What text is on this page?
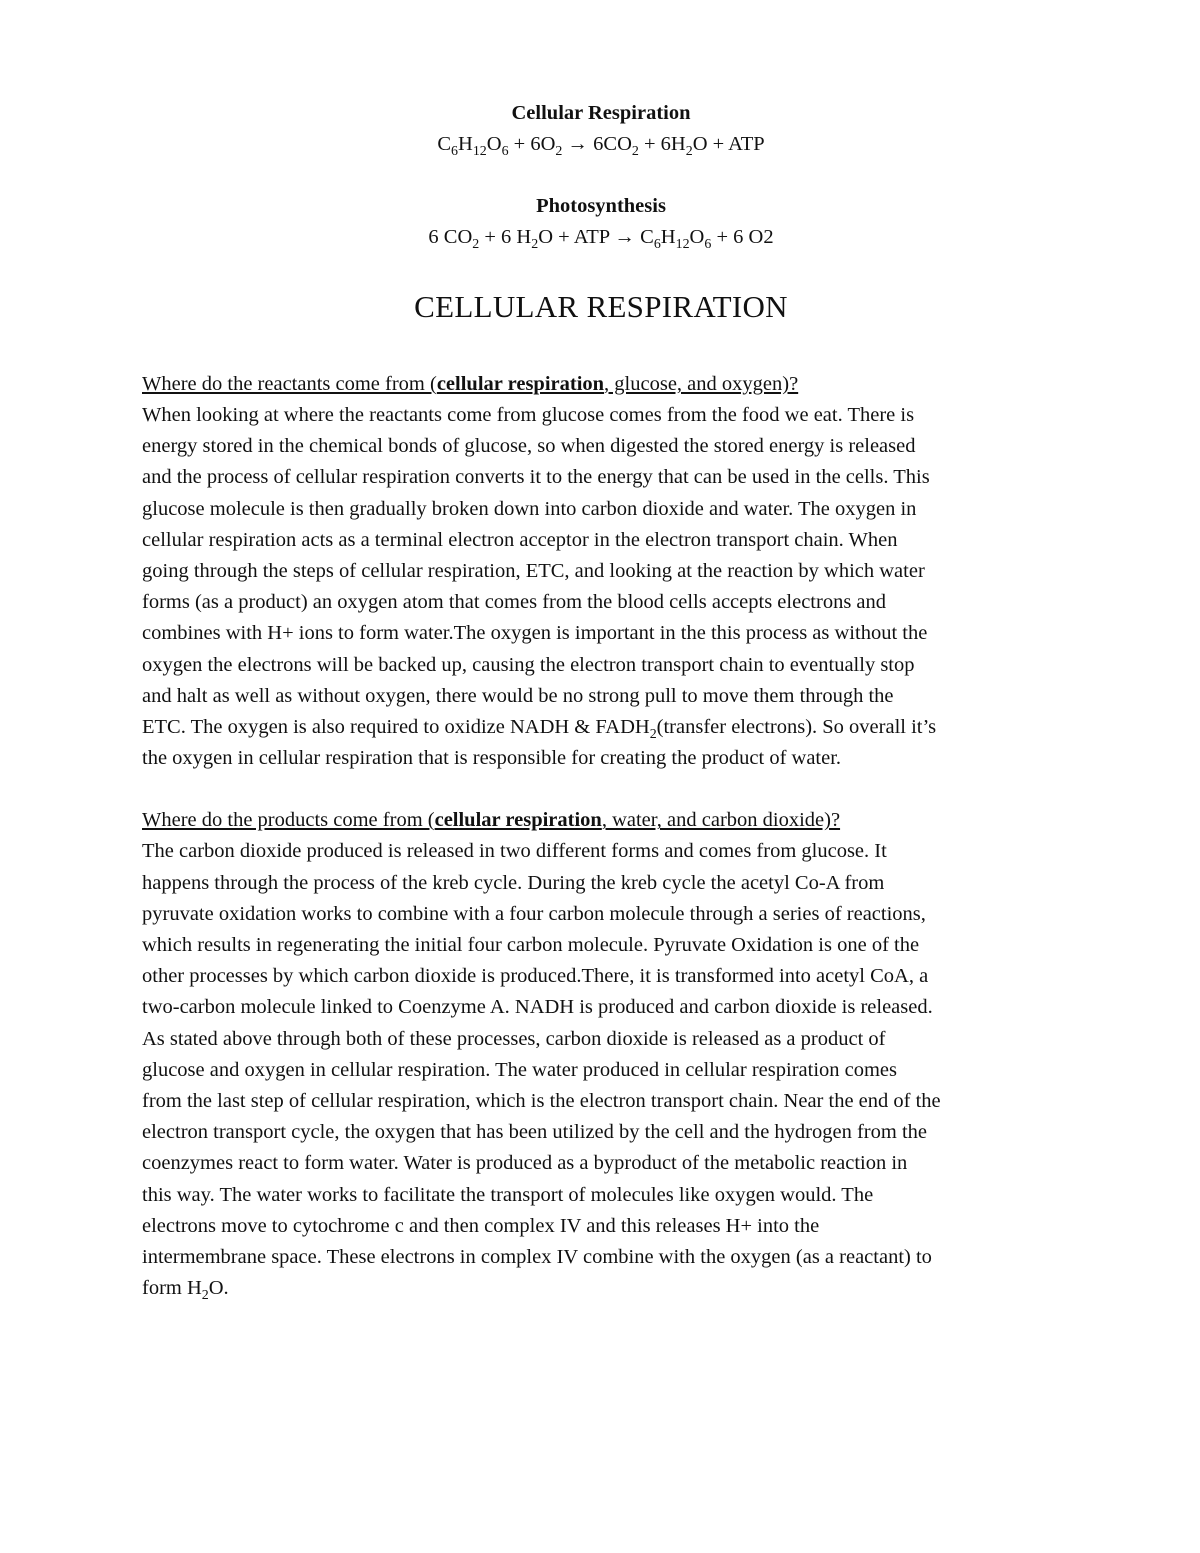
Cellular Respiration

$C_6H_{12}O_6 + 6O_2 \to 6CO_2 + 6H_2O$ + ATP

Photosynthesis

6 $CO_2 + 6$ $H_2O$ + ATP → $C_6H_{12}O_6 + 6$ O2

CELLULAR RESPIRATION

Where do the reactants come from (cellular respiration, glucose, and oxygen)?

When looking at where the reactants come from glucose comes from the food we eat. There is
energy stored in the chemical bonds of glucose, so when digested the stored energy is released
and the process of cellular respiration converts it to the energy that can be used in the cells. This
glucose molecule is then gradually broken down into carbon dioxide and water. The oxygen in
cellular respiration acts as a terminal electron acceptor in the electron transport chain. When
going through the steps of cellular respiration, ETC, and looking at the reaction by which water
forms (as a product) an oxygen atom that comes from the blood cells accepts electrons and
combines with H+ ions to form water.The oxygen is important in the this process as without the
oxygen the electrons will be backed up, causing the electron transport chain to eventually stop
and halt as well as without oxygen, there would be no strong pull to move them through the
ETC. The oxygen is also required to oxidize NADH & $FADH_2(transfer$ electrons). So overall it’s
the oxygen in cellular respiration that is responsible for creating the product of water.

Where do the products come from (cellular respiration, water, and carbon dioxide)?

The carbon dioxide produced is released in two different forms and comes from glucose. It
happens through the process of the kreb cycle. During the kreb cycle the acetyl Co-A from
pyruvate oxidation works to combine with a four carbon molecule through a series of reactions,
which results in regenerating the initial four carbon molecule. Pyruvate Oxidation is one of the
other processes by which carbon dioxide is produced.There, it is transformed into acetyl CoA, a
two-carbon molecule linked to Coenzyme A. NADH is produced and carbon dioxide is released.
As stated above through both of these processes, carbon dioxide is released as a product of
glucose and oxygen in cellular respiration. The water produced in cellular respiration comes
from the last step of cellular respiration, which is the electron transport chain. Near the end of the
electron transport cycle, the oxygen that has been utilized by the cell and the hydrogen from the
coenzymes react to form water. Water is produced as a byproduct of the metabolic reaction in
this way. The water works to facilitate the transport of molecules like oxygen would. The
electrons move to cytochrome c and then complex IV and this releases H+ into the
intermembrane space. These electrons in complex IV combine with the oxygen (as a reactant) to
form $H_2O$.
